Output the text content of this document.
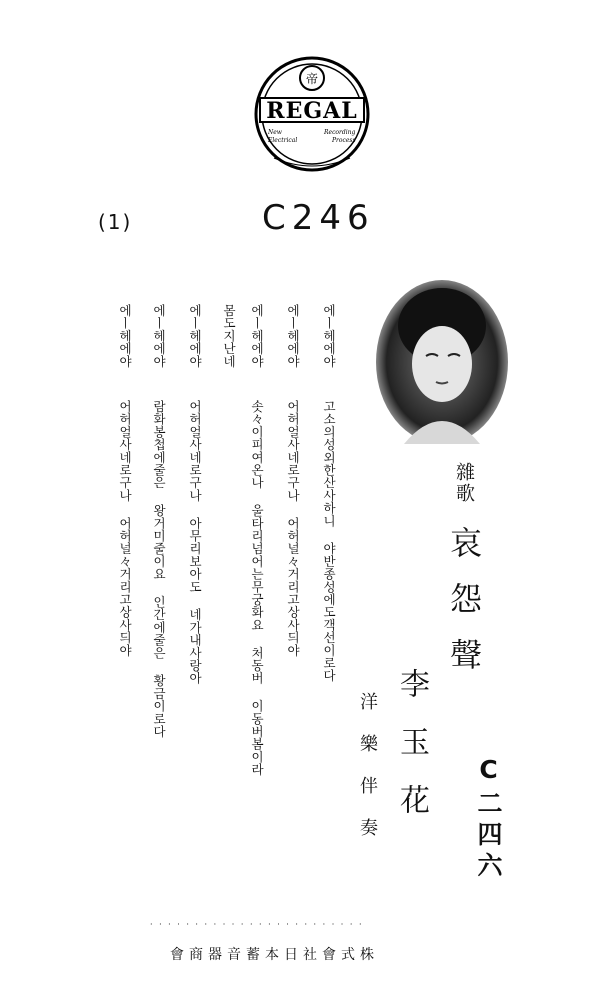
帝
REGAL
New
Electrical
Recording
Process
(1)	C246
雜歌
哀怨聲
李玉花
洋樂伴奏	C二四六
에ㅣ헤에야
고소의성외한산사하니 야반종성에도객선이로다
에ㅣ헤에야
어허얼사네로구나 어허널々거리고상사듸야
에ㅣ헤에야
솟々이피여온나 울타리넘어는무궁화요 처동버 이동버봄이라
몸도지난네
에ㅣ헤에야
어허얼사네로구나 아무리보아도 네가내사랑아
에ㅣ헤에야
람화봉첩에줄은 왕거미줄이요 인간에줄은 황금이로다
에ㅣ헤에야
어허얼사네로구나 어허널々거리고상사듸야
· · · · · · · · · · · · · · · · · · · · · · · ·
會商器音蓄本日社會式株
